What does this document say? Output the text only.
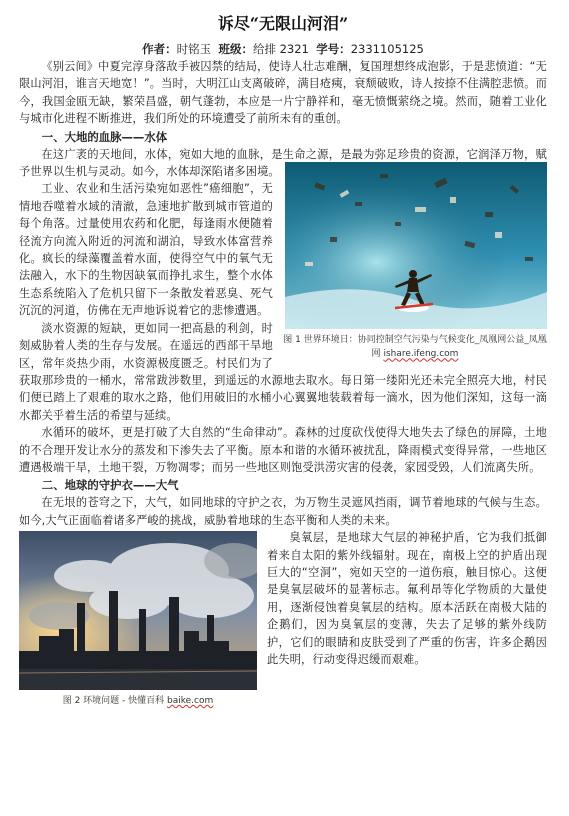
诉尽“无限山河泪”
作者：时铭玉 班级：给排 2321 学号：2331105125

《别云间》中夏完淳身落敌手被囚禁的结局，使诗人壮志难酬，复国理想终成泡影，于是悲愤道：“无限山河泪，谁言天地宽！”。当时，大明江山支离破碎，满目疮痍，衰颓破败，诗人按捺不住满腔悲愤。而今，我国金瓯无缺，繁荣昌盛，朝气蓬勃，本应是一片宁静祥和，毫无愤慨萦绕之境。然而，随着工业化与城市化进程不断推进，我们所处的环境遭受了前所未有的重创。

一、大地的血脉——水体

在这广袤的天地间，水体，宛如大地的血脉，是生命之源，是最为弥足珍贵的资源，它润泽万物，赋予世界以生机与灵动。如今，水体却深陷诸多困境。

图 1 世界环境日：协同控制空气污染与气候变化_凤凰网公益_凤凰网 ishare.ifeng.com

工业、农业和生活污染宛如恶性”癌细胞”，无情地吞噬着水域的清澈，急速地扩散到城市管道的每个角落。过量使用农药和化肥，每逢雨水便随着径流方向流入附近的河流和湖泊，导致水体富营养化。疯长的绿藻覆盖着水面，使得空气中的氧气无法融入，水下的生物因缺氧而挣扎求生，整个水体生态系统陷入了危机只留下一条散发着恶臭、死气沉沉的河道，仿佛在无声地诉说着它的悲惨遭遇。

淡水资源的短缺，更如同一把高悬的利剑，时刻威胁着人类的生存与发展。在遥远的西部干旱地区，常年炎热少雨，水资源极度匮乏。村民们为了获取那珍贵的一桶水，常常跋涉数里，到遥远的水源地去取水。每日第一缕阳光还未完全照亮大地，村民们便已踏上了艰难的取水之路，他们用破旧的水桶小心翼翼地装载着每一滴水，因为他们深知，这每一滴水都关乎着生活的希望与延续。

水循环的破坏，更是打破了大自然的“生命律动”。森林的过度砍伐使得大地失去了绿色的屏障，土地的不合理开发让水分的蒸发和下渗失去了平衡。原本和谐的水循环被扰乱，降雨模式变得异常，一些地区遭遇极端干旱，土地干裂，万物凋零；而另一些地区则饱受洪涝灾害的侵袭，家园受毁，人们流离失所。

二、地球的守护衣——大气

在无垠的苍穹之下，大气，如同地球的守护之衣，为万物生灵遮风挡雨，调节着地球的气候与生态。如今,大气正面临着诸多严峻的挑战，威胁着地球的生态平衡和人类的未来。

图 2 环境问题 - 快懂百科 baike.com

臭氧层，是地球大气层的神秘护盾，它为我们抵御着来自太阳的紫外线辐射。现在，南极上空的护盾出现巨大的“空洞”，宛如天空的一道伤痕，触目惊心。这便是臭氧层破坏的显著标志。氟利昂等化学物质的大量使用，逐渐侵蚀着臭氧层的结构。原本活跃在南极大陆的企鹅们，因为臭氧层的变薄，失去了足够的紫外线防护，它们的眼睛和皮肤受到了严重的伤害，许多企鹅因此失明，行动变得迟缓而艰难。
